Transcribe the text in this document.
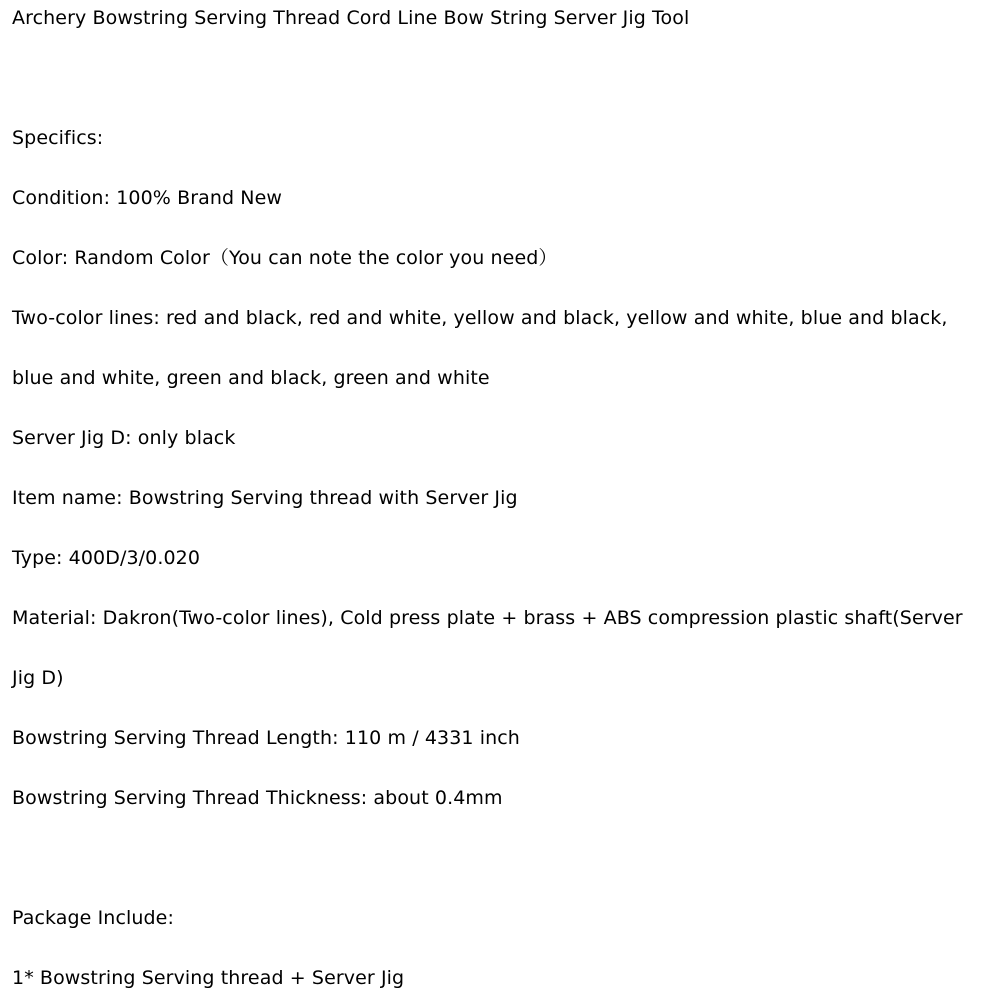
Archery Bowstring Serving Thread Cord Line Bow String Server Jig Tool
Specifics:
Condition: 100% Brand New
Color: Random Color（You can note the color you need）
Two-color lines: red and black, red and white, yellow and black, yellow and white, blue and black,
blue and white, green and black, green and white
Server Jig D: only black
Item name: Bowstring Serving thread with Server Jig
Type: 400D/3/0.020
Material: Dakron(Two-color lines), Cold press plate + brass + ABS compression plastic shaft(Server
Jig D)
Bowstring Serving Thread Length: 110 m / 4331 inch
Bowstring Serving Thread Thickness: about 0.4mm
Package Include:
1* Bowstring Serving thread + Server Jig
